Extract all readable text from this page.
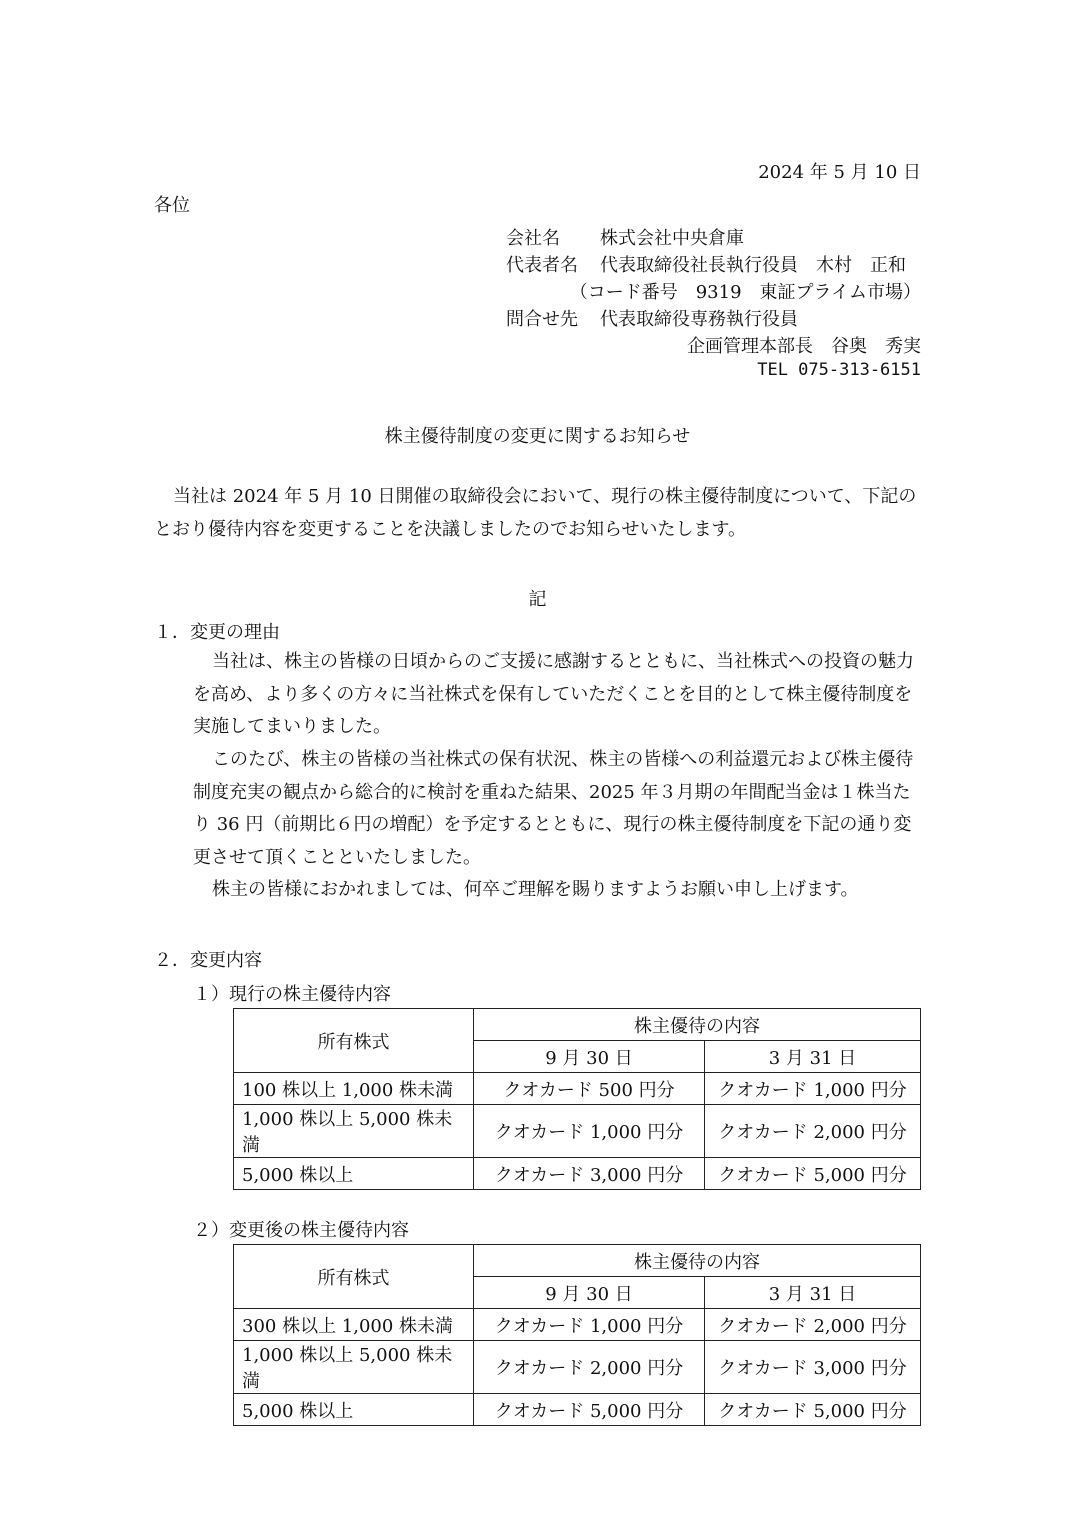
2024 年 5 月 10 日
各位
会社名 株式会社中央倉庫
代表者名 代表取締役社長執行役員　木村　正和
（コード番号　9319　東証プライム市場）
問合せ先 代表取締役専務執行役員
企画管理本部長　谷奥　秀実
TEL 075-313-6151
株主優待制度の変更に関するお知らせ
当社は 2024 年 5 月 10 日開催の取締役会において、現行の株主優待制度について、下記のとおり優待内容を変更することを決議しましたのでお知らせいたします。
記
１．変更の理由
当社は、株主の皆様の日頃からのご支援に感謝するとともに、当社株式への投資の魅力を高め、より多くの方々に当社株式を保有していただくことを目的として株主優待制度を実施してまいりました。
このたび、株主の皆様の当社株式の保有状況、株主の皆様への利益還元および株主優待制度充実の観点から総合的に検討を重ねた結果、2025 年３月期の年間配当金は１株当たり 36 円（前期比６円の増配）を予定するとともに、現行の株主優待制度を下記の通り変更させて頂くことといたしました。
株主の皆様におかれましては、何卒ご理解を賜りますようお願い申し上げます。
２．変更内容
１）現行の株主優待内容
所有株式	株主優待の内容	
	9 月 30 日	3 月 31 日
100 株以上 1,000 株未満	クオカード 500 円分	クオカード 1,000 円分
1,000 株以上 5,000 株未満	クオカード 1,000 円分	クオカード 2,000 円分
5,000 株以上	クオカード 3,000 円分	クオカード 5,000 円分
２）変更後の株主優待内容
所有株式	株主優待の内容	
	9 月 30 日	3 月 31 日
300 株以上 1,000 株未満	クオカード 1,000 円分	クオカード 2,000 円分
1,000 株以上 5,000 株未満	クオカード 2,000 円分	クオカード 3,000 円分
5,000 株以上	クオカード 5,000 円分	クオカード 5,000 円分
